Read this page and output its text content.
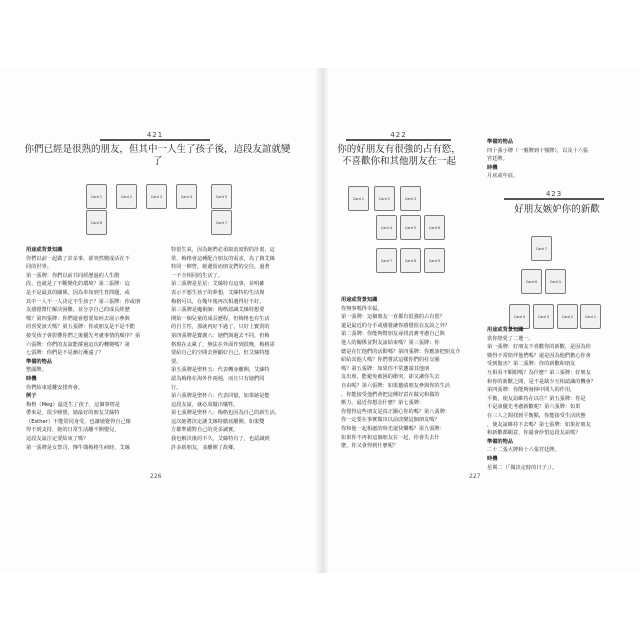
421
你們已經是很熟的朋友，但其中一人生了孩子後，這段友誼就變了
Card 1	Card 2	Card 3	Card 4	Card 5
Card 6	Card 7

用途或背景知識

你們以前一起做了許多事，卻突然變成活在不

同的世界。

第一張牌：你們以前共同經歷過的人生階

段，也就是了不斷變化的環境？第二張牌：這

是不是最真的關係，因為奉如到生育問題，或

其中一人不一人決定不生孩子？第三張牌：你或朋

友感覺幫忙解決困難，並分享自己的成長經歷

嗎？第四張牌：你們還會想要如何去展示參與

的喜愛該天嗎？第五張牌：你或朋友是不是不能

接受孩子會影響你們之後優先考慮事情的順序？第

六張牌：你們的友誼能撐過這次的轉變嗎？第

七張牌：你們是不是漸行漸遠了？

準備的物品

整副牌。

時機

你們結束延難安排齊會。

例子

梅格（Meg）最近生了孩子，這個事情是

帶來是，很少睡覺，她最好的朋友艾絲特

（Esther）不能常同身受，也讓她覺得自己像

得不到支持，她的日常生活離不開嬰兒，

這段友誼注定要結束了嗎？

第一張牌是女祭司，傳牛簡梅格生病時，艾絲

特很生氣，因為她們必須取消度假的計畫，這

常，梅格會這種配合朋友的需求，為了與艾絲

特同一陣營，她避留而朋友們的交往，過著

一不全相同的生活了。

第二張牌是星星：艾絲特有這事，並明確

表示不想生孩子的夢想，艾絲特的生活與

梅格可以，在幾年後再次相遇得好不好。

第三張牌是魔術師：梅格認識艾絲特想要

開始一個兒童的成長歷程，但梅格也有生活

的自主性，那就再好不過了，只好上寶貴的

第四張牌是寶劍八：她們與過去不同，但梅

格現在太累了，無法在外面作到很晚，梅格需

要給自己的空間去照顧好自己，但艾絲特想

要。

第五張牌是聖杯五：代表轉身離開，艾絲特

認為梅格在海外作兩週，而且只有她們同

行。

第六張牌是聖杯六：代表回憶，如果她是能

這段友誼，就必須做出犧牲。

第七張牌是聖杯八：梅格也因為自己的新生活，

這次她將決定讓艾絲特徹底離開，如果雙

方都準備對自己的更多誠實。

我也解決後的不久，艾絲特有了，也認識到

許多新朋友，並離開了故鄉。

226
422
你的好朋友有很強的占有慾，不喜歡你和其他朋友在一起
Card 1	Card 2	Card 3
Card 4	Card 5	Card 6
Card 7	Card 8	Card 9

用途或背景知識

你無事嗎得幸福。

第一張牌：這個朋友一直都有很強的占有慾？

還是最近的分手或感覺讓你感覺很在友誼之外？

第二張牌：你能夠幫朋友尋找真實考慮自己與

他人的關係並對友誼結束嗎？第三張牌：你

總是在忙他們的活動嗎？第四張牌：你應該把朋友介

紹給其他人嗎？你們嘗試這樣你們的社交圈

嗎？第五張牌：如果你不常邀請其他朋

友出席，能避免被困的衝突，卻又讓你失去

自由呢？第六張牌：如果邀請朋友參與你的生活

，你能接受他們會把這種好意在做完和做的

壓力，最近你想念什麼？第七張牌：

你覺得這些朋友是真正關心你的嗎？第八張牌：

你一定要在事實做出以前改變這個朋友嗎？

你和他一起相處的時光還快樂嗎？第九張牌：

如果你不再和這個朋友在一起，你會失去什

麼，你又會得到什麼呢？

準備的物品

四十張小牌（一號牌到十號牌），以及十六張

宮廷牌。

時機

月底或年底。

423
好朋友嫉妒你的新歡
Card 7
Card 6	Card 5
Card 4	Card 3	Card 2	Card 1

用途或背景知識

當你戀愛了二選一。

第一張牌：好朋友不喜歡你的新歡，是因為你

變得不常陪伴他們嗎？還是因為他們擔心你會

受到傷害？第二張牌：你的新歡和朋友

互相看不順眼嗎？為什麼？第三張牌：好朋友

和你的新歡之間，是不是缺少互相認識的機會？

第四張牌：你能夠發揮中間人的作用，

平衡，使友誼維持在以往？第五張牌：你是

不是該優先考慮新歡呢？第六張牌：如果

在三人之間找到平衡點，你能接受生活狀態

，使友誼維持下去嗎？第七張牌：如果好朋友

和新歡都願意，你還會珍惜這段友誼嗎？

準備的物品

二十二張大牌和十六張宮廷牌。

時機

星期二（「做決定時的日子」）。

227
